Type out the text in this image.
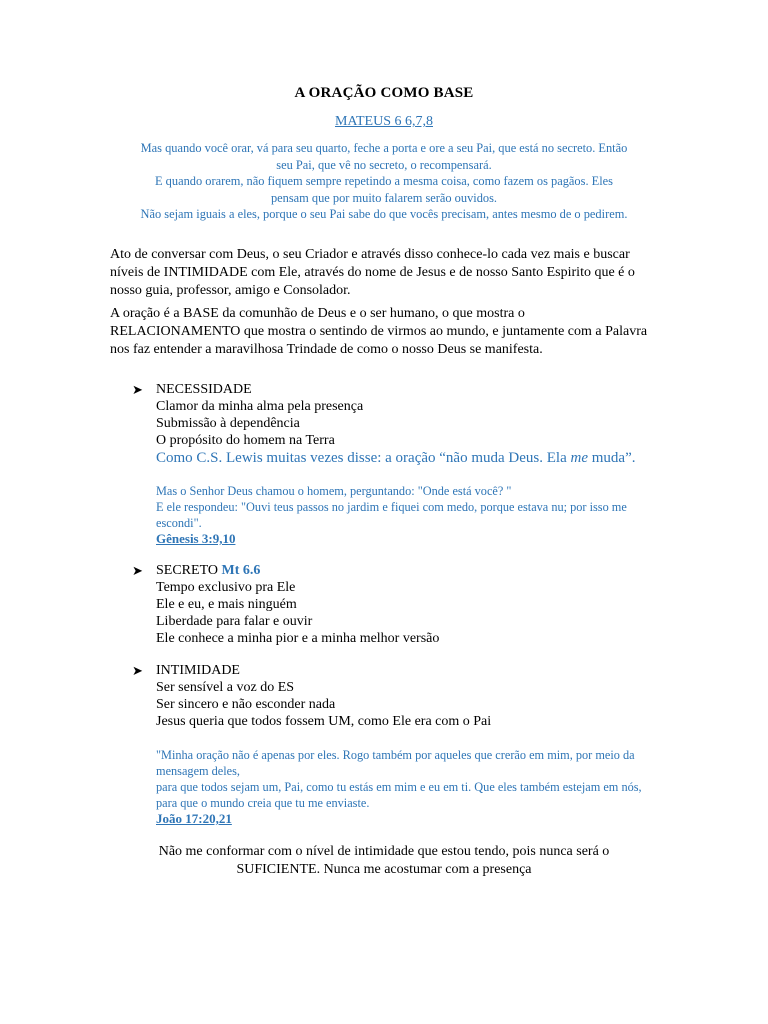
A ORAÇÃO COMO BASE
MATEUS 6 6,7,8
Mas quando você orar, vá para seu quarto, feche a porta e ore a seu Pai, que está no secreto. Então
seu Pai, que vê no secreto, o recompensará.
E quando orarem, não fiquem sempre repetindo a mesma coisa, como fazem os pagãos. Eles
pensam que por muito falarem serão ouvidos.
Não sejam iguais a eles, porque o seu Pai sabe do que vocês precisam, antes mesmo de o pedirem.
Ato de conversar com Deus, o seu Criador e através disso conhece-lo cada vez mais e buscar níveis de INTIMIDADE com Ele, através do nome de Jesus e de nosso Santo Espirito que é o nosso guia, professor, amigo e Consolador.
A oração é a BASE da comunhão de Deus e o ser humano, o que mostra o RELACIONAMENTO que mostra o sentindo de virmos ao mundo, e juntamente com a Palavra nos faz entender a maravilhosa Trindade de como o nosso Deus se manifesta.
➤ NECESSIDADE
Clamor da minha alma pela presença
Submissão à dependência
O propósito do homem na Terra
Como C.S. Lewis muitas vezes disse: a oração “não muda Deus. Ela me muda”.
Mas o Senhor Deus chamou o homem, perguntando: "Onde está você? "
E ele respondeu: "Ouvi teus passos no jardim e fiquei com medo, porque estava nu; por isso me escondi".
Gênesis 3:9,10
➤ SECRETO Mt 6.6
Tempo exclusivo pra Ele
Ele e eu, e mais ninguém
Liberdade para falar e ouvir
Ele conhece a minha pior e a minha melhor versão
➤ INTIMIDADE
Ser sensível a voz do ES
Ser sincero e não esconder nada
Jesus queria que todos fossem UM, como Ele era com o Pai
"Minha oração não é apenas por eles. Rogo também por aqueles que crerão em mim, por meio da mensagem deles,
para que todos sejam um, Pai, como tu estás em mim e eu em ti. Que eles também estejam em nós, para que o mundo creia que tu me enviaste.
João 17:20,21
Não me conformar com o nível de intimidade que estou tendo, pois nunca será o
SUFICIENTE. Nunca me acostumar com a presença
